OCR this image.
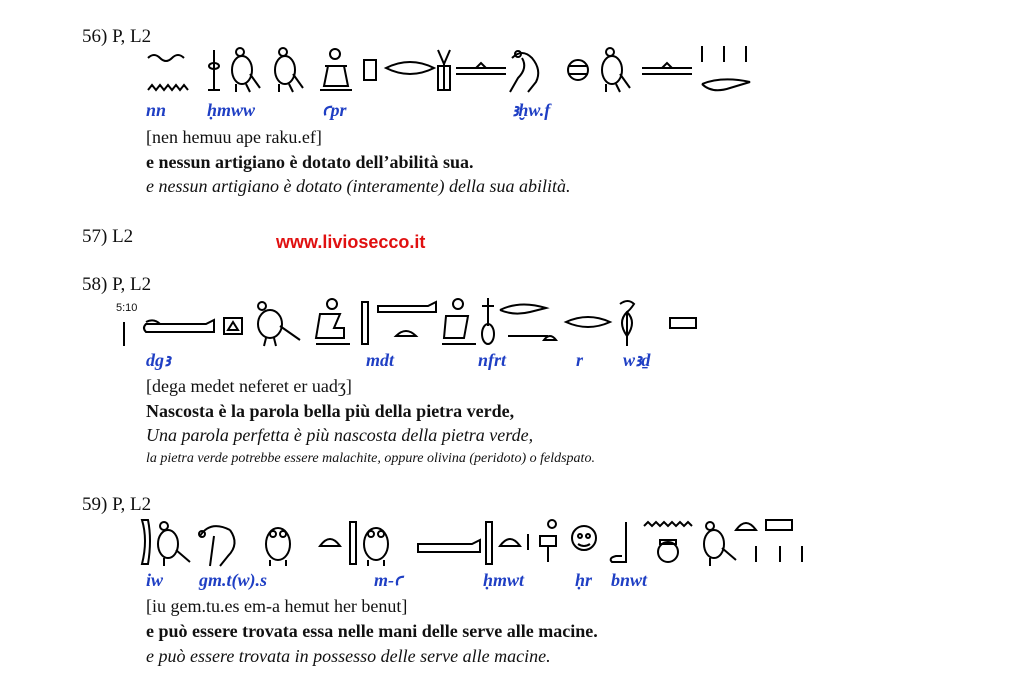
56) P, L2
nn ḥmww	ꜥpr	ꜣḫw.f
[nen hemuu ape raku.ef]
e nessun artigiano è dotato dell’abilità sua.
e nessun artigiano è dotato (interamente) della sua abilità.
57) L2	www.liviosecco.it
58) P, L2
5:10
dgꜣ	mdt	nfrt	r wꜣḏ
[dega medet neferet er uadʒ]
Nascosta è la parola bella più della pietra verde,
Una parola perfetta è più nascosta della pietra verde,
la pietra verde potrebbe essere malachite, oppure olivina (peridoto) o feldspato.
59) P, L2
iw gm.t(w).s	m-ꜥ	ḥmwt	ḥr bnwt
[iu gem.tu.es em-a hemut her benut]
e può essere trovata essa nelle mani delle serve alle macine.
e può essere trovata in possesso delle serve alle macine.
